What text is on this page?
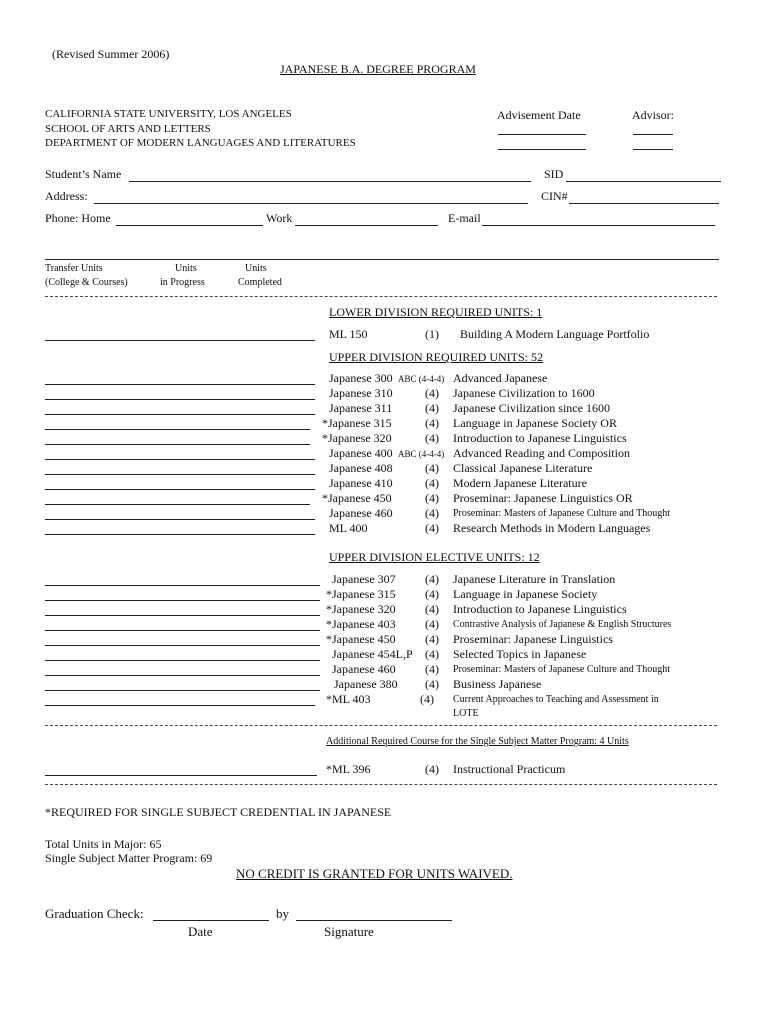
(Revised Summer 2006)
JAPANESE B.A. DEGREE PROGRAM
CALIFORNIA STATE UNIVERSITY, LOS ANGELES
SCHOOL OF ARTS AND LETTERS
DEPARTMENT OF MODERN LANGUAGES AND LITERATURES
Advisement Date	Advisor:
Student’s Name	SID
Address:	CIN#
Phone: Home	Work	E-mail
Transfer Units
(College & Courses)
Units
in Progress
Units
Completed
LOWER DIVISION REQUIRED UNITS: 1
ML 150	(1) Building A Modern Language Portfolio
UPPER DIVISION REQUIRED UNITS: 52
Japanese 300 ABC (4-4-4) Advanced Japanese
Japanese 310	(4) Japanese Civilization to 1600
Japanese 311	(4) Japanese Civilization since 1600
*Japanese 315	(4) Language in Japanese Society OR
*Japanese 320	(4) Introduction to Japanese Linguistics
Japanese 400 ABC (4-4-4) Advanced Reading and Composition
Japanese 408	(4) Classical Japanese Literature
Japanese 410	(4) Modern Japanese Literature
*Japanese 450	(4) Proseminar: Japanese Linguistics OR
Japanese 460	(4) Proseminar: Masters of Japanese Culture and Thought
ML 400	(4) Research Methods in Modern Languages
UPPER DIVISION ELECTIVE UNITS: 12
Japanese 307 (4) Japanese Literature in Translation
*Japanese 315 (4) Language in Japanese Society
*Japanese 320 (4) Introduction to Japanese Linguistics
*Japanese 403 (4) Contrastive Analysis of Japanese & English Structures
*Japanese 450 (4) Proseminar: Japanese Linguistics
Japanese 454L,P (4) Selected Topics in Japanese
Japanese 460 (4) Proseminar: Masters of Japanese Culture and Thought
Japanese 380 (4) Business Japanese
*ML 403	(4) Current Approaches to Teaching and Assessment in
LOTE
Additional Required Course for the Single Subject Matter Program: 4 Units
*ML 396	(4) Instructional Practicum
*REQUIRED FOR SINGLE SUBJECT CREDENTIAL IN JAPANESE
Total Units in Major: 65
Single Subject Matter Program: 69
NO CREDIT IS GRANTED FOR UNITS WAIVED.
Graduation Check:	by
Date	Signature
